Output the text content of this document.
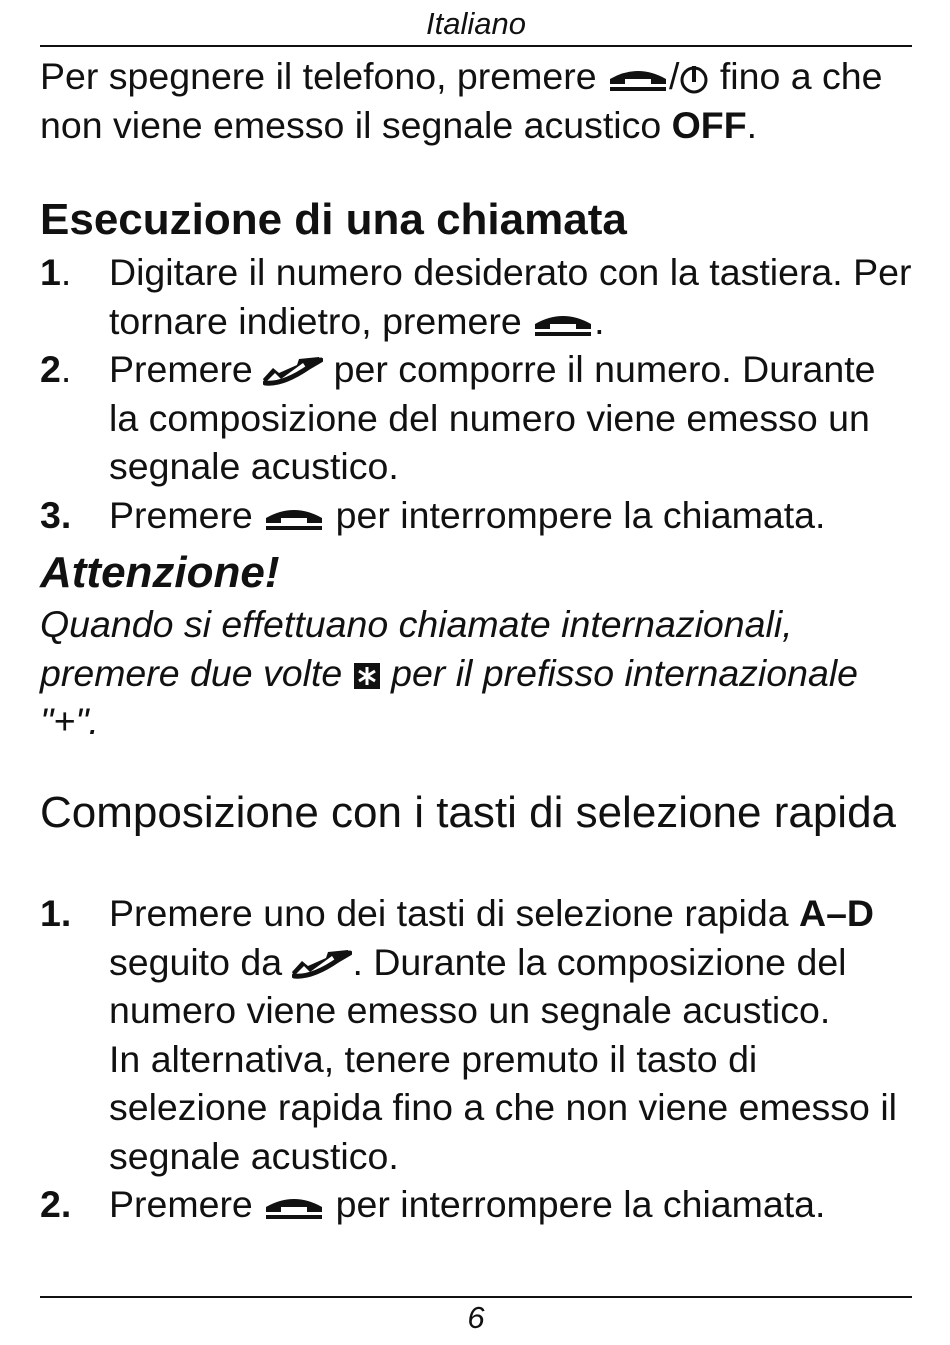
Italiano

Per spegnere il telefono, premere
/
fino a che non viene emesso il segnale acustico OFF.

Esecuzione di una chiamata
1. Digitare il numero desiderato con la tastiera. Per tornare indietro, premere
.
2. Premere
per comporre il numero. Durante la composizione del numero viene emesso un segnale acustico.
3. Premere
per interrompere la chiamata.

Attenzione!

Quando si effettuano chiamate internazionali, premere due volte
per il prefisso internazionale "+".

Composizione con i tasti di selezione rapida
1. Premere uno dei tasti di selezione rapida A–D seguito da
. Durante la composizione del numero viene emesso un segnale acustico.
In alternativa, tenere premuto il tasto di selezione rapida fino a che non viene emesso il segnale acustico.
2. Premere
per interrompere la chiamata.
6
